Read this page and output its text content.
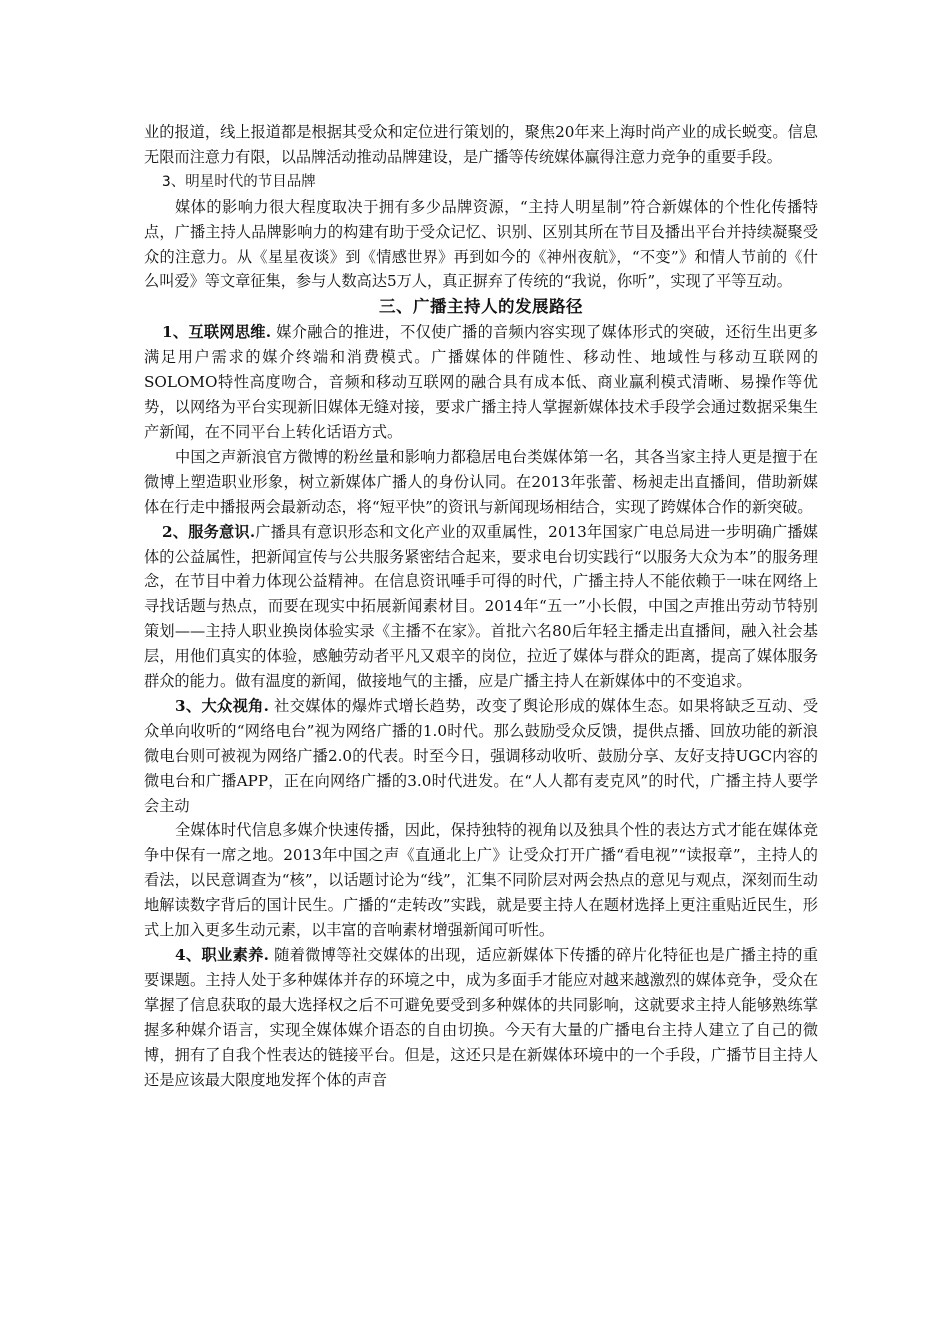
业的报道，线上报道都是根据其受众和定位进行策划的，聚焦20年来上海时尚产业的成长蜕变。信息无限而注意力有限，以品牌活动推动品牌建设，是广播等传统媒体赢得注意力竞争的重要手段。

3、明星时代的节目品牌

媒体的影响力很大程度取决于拥有多少品牌资源，“主持人明星制”符合新媒体的个性化传播特点，广播主持人品牌影响力的构建有助于受众记忆、识别、区别其所在节目及播出平台并持续凝聚受众的注意力。从《星星夜谈》到《情感世界》再到如今的《神州夜航》，“不变”》和情人节前的《什么叫爱》等文章征集，参与人数高达5万人，真正摒弃了传统的“我说，你听”，实现了平等互动。

三、广播主持人的发展路径

1、互联网思维. 媒介融合的推进，不仅使广播的音频内容实现了媒体形式的突破，还衍生出更多满足用户需求的媒介终端和消费模式。广播媒体的伴随性、移动性、地域性与移动互联网的SOLOMO特性高度吻合，音频和移动互联网的融合具有成本低、商业赢利模式清晰、易操作等优势，以网络为平台实现新旧媒体无缝对接，要求广播主持人掌握新媒体技术手段学会通过数据采集生产新闻，在不同平台上转化话语方式。

中国之声新浪官方微博的粉丝量和影响力都稳居电台类媒体第一名，其各当家主持人更是擅于在微博上塑造职业形象，树立新媒体广播人的身份认同。在2013年张蕾、杨昶走出直播间，借助新媒体在行走中播报两会最新动态，将“短平快”的资讯与新闻现场相结合，实现了跨媒体合作的新突破。

2、服务意识.广播具有意识形态和文化产业的双重属性，2013年国家广电总局进一步明确广播媒体的公益属性，把新闻宣传与公共服务紧密结合起来，要求电台切实践行“以服务大众为本”的服务理念，在节目中着力体现公益精神。在信息资讯唾手可得的时代，广播主持人不能依赖于一味在网络上寻找话题与热点，而要在现实中拓展新闻素材目。2014年“五一”小长假，中国之声推出劳动节特别策划——主持人职业换岗体验实录《主播不在家》。首批六名80后年轻主播走出直播间，融入社会基层，用他们真实的体验，感触劳动者平凡又艰辛的岗位，拉近了媒体与群众的距离，提高了媒体服务群众的能力。做有温度的新闻，做接地气的主播，应是广播主持人在新媒体中的不变追求。

3、大众视角. 社交媒体的爆炸式增长趋势，改变了舆论形成的媒体生态。如果将缺乏互动、受众单向收听的“网络电台”视为网络广播的1.0时代。那么鼓励受众反馈，提供点播、回放功能的新浪微电台则可被视为网络广播2.0的代表。时至今日，强调移动收听、鼓励分享、友好支持UGC内容的微电台和广播APP，正在向网络广播的3.0时代进发。在“人人都有麦克风”的时代，广播主持人要学会主动

全媒体时代信息多媒介快速传播，因此，保持独特的视角以及独具个性的表达方式才能在媒体竞争中保有一席之地。2013年中国之声《直通北上广》让受众打开广播“看电视”“读报章”，主持人的看法，以民意调查为“核”，以话题讨论为“线”，汇集不同阶层对两会热点的意见与观点，深刻而生动地解读数字背后的国计民生。广播的“走转改”实践，就是要主持人在题材选择上更注重贴近民生，形式上加入更多生动元素，以丰富的音响素材增强新闻可听性。

4、职业素养. 随着微博等社交媒体的出现，适应新媒体下传播的碎片化特征也是广播主持的重要课题。主持人处于多种媒体并存的环境之中，成为多面手才能应对越来越激烈的媒体竞争，受众在掌握了信息获取的最大选择权之后不可避免要受到多种媒体的共同影响，这就要求主持人能够熟练掌握多种媒介语言，实现全媒体媒介语态的自由切换。今天有大量的广播电台主持人建立了自己的微博，拥有了自我个性表达的链接平台。但是，这还只是在新媒体环境中的一个手段，广播节目主持人还是应该最大限度地发挥个体的声音
